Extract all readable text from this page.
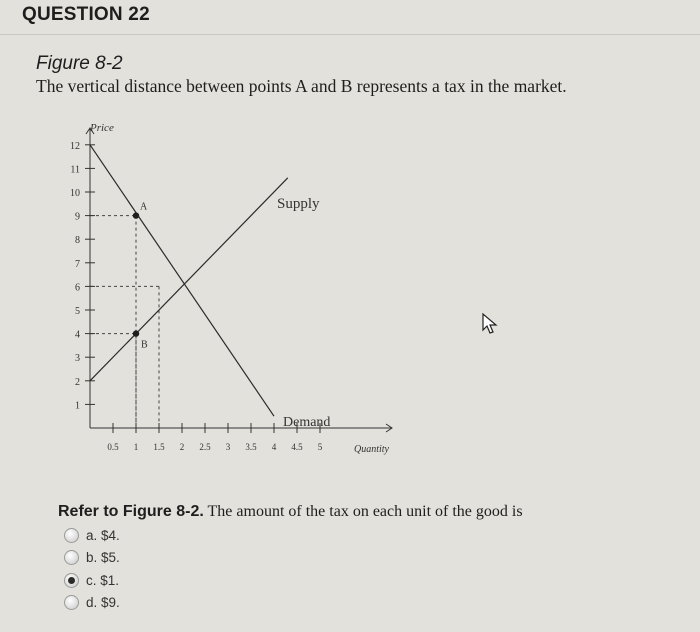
QUESTION 22
Figure 8-2
The vertical distance between points A and B represents a tax in the market.
1
2
3
4
5
6
7
8
9
10
11
12
0.5 1 1.5 2 2.5 3 3.5 4 4.5 5
A
B
Price
Quantity
Supply
Demand
Refer to Figure 8-2. The amount of the tax on each unit of the good is
a. $4.
b. $5.
c. $1.
d. $9.
